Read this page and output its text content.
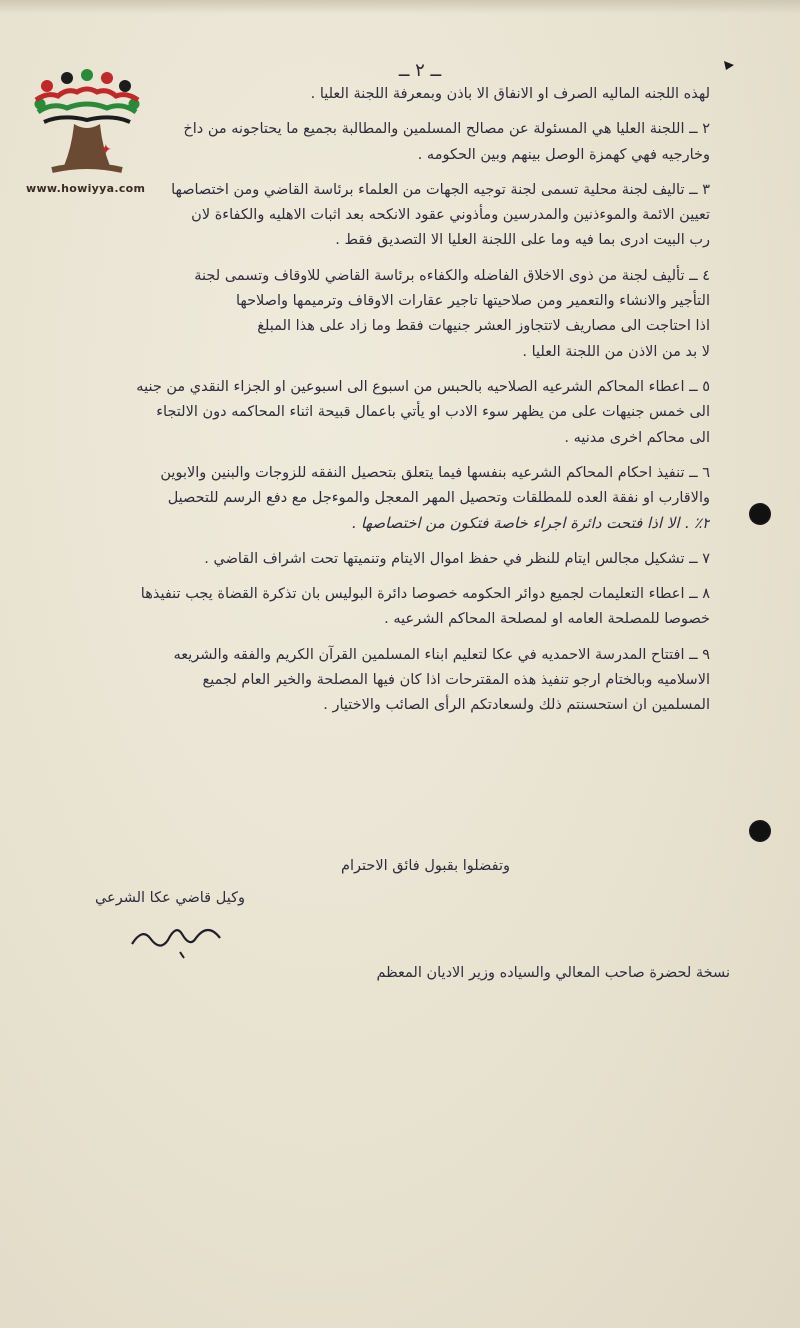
ــ ٢ ــ
✦
www.howiyya.com
لهذه اللجنه الماليه الصرف او الانفاق الا باذن وبمعرفة اللجنة العليا .
٢ ــ اللجنة العليا هي المسئولة عن مصالح المسلمين والمطالبة بجميع ما يحتاجونه من داخ
وخارجيه فهي كهمزة الوصل بينهم وبين الحكومه .
٣ ــ تاليف لجنة محلية تسمى لجنة توجيه الجهات من العلماء برئاسة القاضي ومن اختصاصها
تعيين الائمة والموءذنين والمدرسين ومأذوني عقود الانكحه بعد اثبات الاهليه والكفاءة لان
رب البيت ادرى بما فيه وما على اللجنة العليا الا التصديق فقط .
٤ ــ تأليف لجنة من ذوى الاخلاق الفاضله والكفاءه برئاسة القاضي للاوقاف وتسمى لجنة
التأجير والانشاء والتعمير ومن صلاحيتها تاجير عقارات الاوقاف وترميمها واصلاحها
اذا احتاجت الى مصاريف لاتتجاوز العشر جنيهات فقط وما زاد على هذا المبلغ
لا بد من الاذن من اللجنة العليا .
٥ ــ اعطاء المحاكم الشرعيه الصلاحيه بالحبس من اسبوع الى اسبوعين او الجزاء النقدي من جنيه
الى خمس جنيهات على من يظهر سوء الادب او يأتي باعمال قبيحة اثناء المحاكمه دون الالتجاء
الى محاكم اخرى مدنيه .
٦ ــ تنفيذ احكام المحاكم الشرعيه بنفسها فيما يتعلق بتحصيل النفقه للزوجات والبنين والابوين
والاقارب او نفقة العده للمطلقات وتحصيل المهر المعجل والموءجل مع دفع الرسم للتحصيل
٢٪ . الا اذا فتحت دائرة اجراء خاصة فتكون من اختصاصها .
٧ ــ تشكيل مجالس ايتام للنظر في حفظ اموال الايتام وتنميتها تحت اشراف القاضي .
٨ ــ اعطاء التعليمات لجميع دوائر الحكومه خصوصا دائرة البوليس بان تذكرة القضاة يجب تنفيذها
خصوصا للمصلحة العامه او لمصلحة المحاكم الشرعيه .
٩ ــ افتتاح المدرسة الاحمديه في عكا لتعليم ابناء المسلمين القرآن الكريم والفقه والشريعه
الاسلاميه وبالختام ارجو تنفيذ هذه المقترحات اذا كان فيها المصلحة والخير العام لجميع
المسلمين ان استحسنتم ذلك ولسعادتكم الرأى الصائب والاختيار .
وتفضلوا بقبول فائق الاحترام
وكيل قاضي عكا الشرعي
نسخة لحضرة صاحب المعالي والسياده وزير الاديان المعظم
